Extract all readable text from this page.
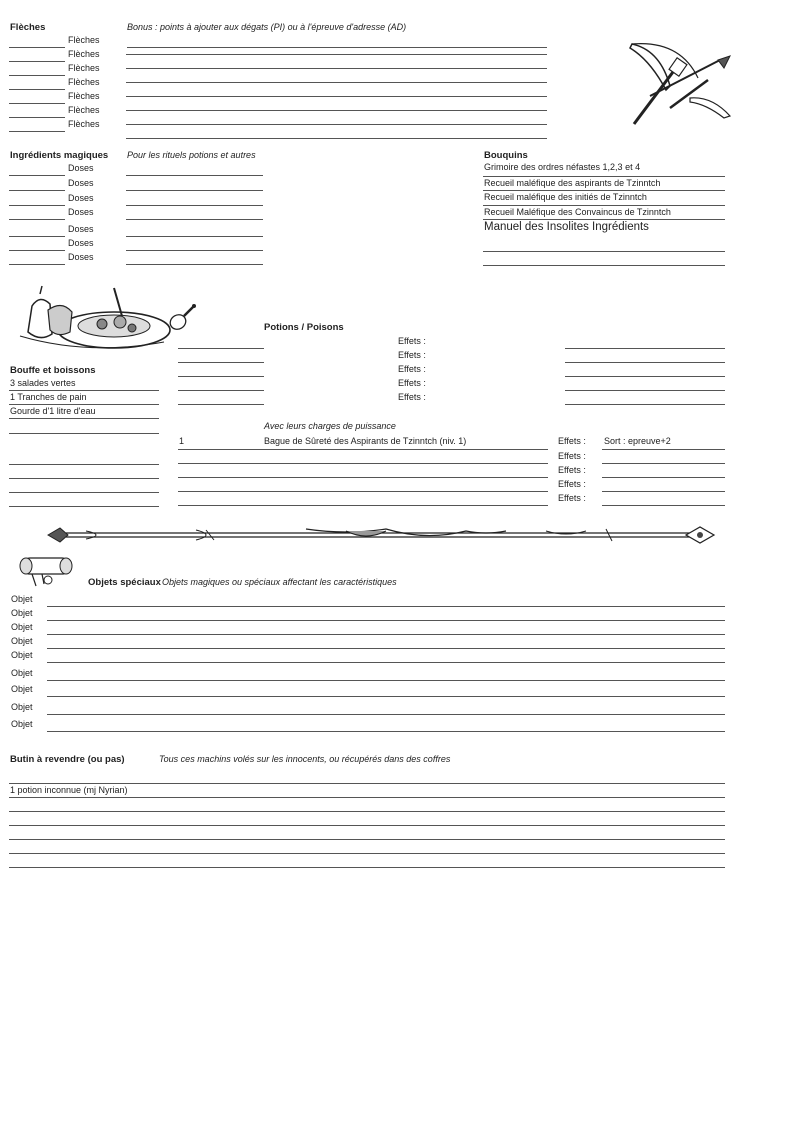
Flèches	Bonus : points à ajouter aux dégats (PI) ou à l'épreuve d'adresse (AD)
Flèches
Flèches
Flèches
Flèches
Flèches
Flèches
Flèches
Ingrédients magiques Pour les rituels potions et autres
Doses
Doses
Doses
Doses
Doses
Doses
Doses
Bouquins
Grimoire des ordres néfastes 1,2,3 et 4
Recueil maléfique des aspirants de Tzinntch
Recueil maléfique des initiés de Tzinntch
Recueil Maléfique des Convaincus de Tzinntch
Manuel des Insolites Ingrédients
Bouffe et boissons
3 salades vertes
1 Tranches de pain
Gourde d'1 litre d'eau
Potions / Poisons
Effets :
Effets :
Effets :
Effets :
Effets :
Avec leurs charges de puissance
1	Bague de Sûreté des Aspirants de Tzinntch (niv. 1)	Effets : Sort : epreuve+2
Effets :
Effets :
Effets :
Effets :
Objets spéciaux Objets magiques ou spéciaux affectant les caractéristiques
Objet
Objet
Objet
Objet
Objet
Objet
Objet
Objet
Objet
Butin à revendre (ou pas)	Tous ces machins volés sur les innocents, ou récupérés dans des coffres
1 potion inconnue (mj Nyrian)
